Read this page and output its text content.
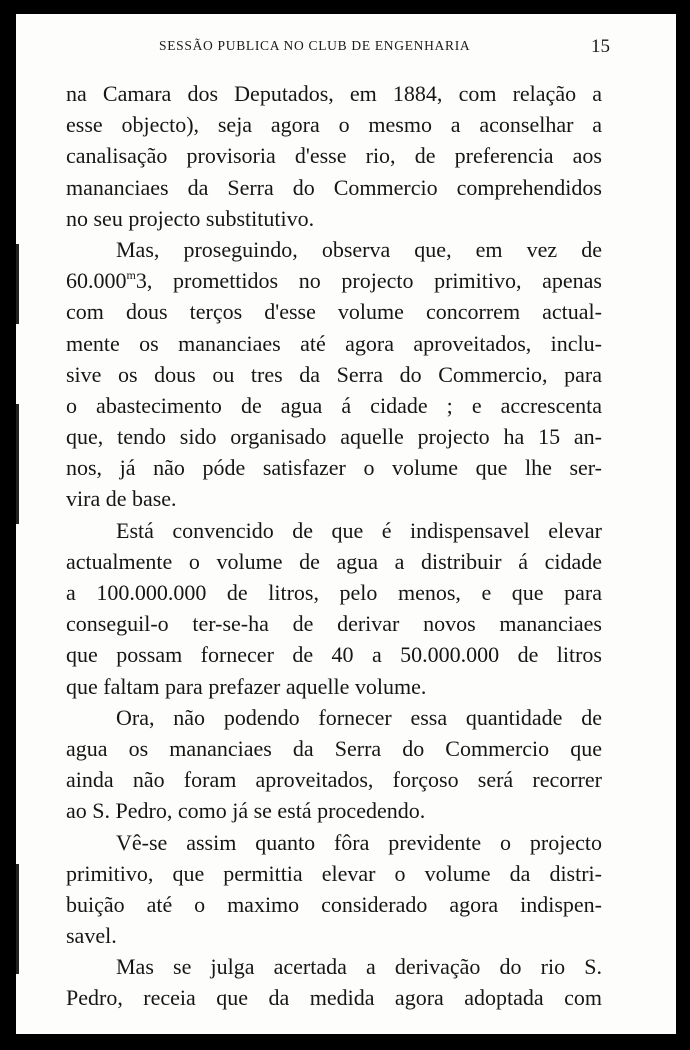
SESSÃO PUBLICA NO CLUB DE ENGENHARIA	15
na Camara dos Deputados, em 1884, com relação a
esse objecto), seja agora o mesmo a aconselhar a
canalisação provisoria d'esse rio, de preferencia aos
mananciaes da Serra do Commercio comprehendidos
no seu projecto substitutivo.
Mas, proseguindo, observa que, em vez de
60.000$^m$3, promettidos no projecto primitivo, apenas
com dous terços d'esse volume concorrem actual-
mente os mananciaes até agora aproveitados, inclu-
sive os dous ou tres da Serra do Commercio, para
o abastecimento de agua á cidade ; e accrescenta
que, tendo sido organisado aquelle projecto ha 15 an-
nos, já não póde satisfazer o volume que lhe ser-
vira de base.
Está convencido de que é indispensavel elevar
actualmente o volume de agua a distribuir á cidade
a 100.000.000 de litros, pelo menos, e que para
conseguil-o ter-se-ha de derivar novos mananciaes
que possam fornecer de 40 a 50.000.000 de litros
que faltam para prefazer aquelle volume.
Ora, não podendo fornecer essa quantidade de
agua os mananciaes da Serra do Commercio que
ainda não foram aproveitados, forçoso será recorrer
ao S. Pedro, como já se está procedendo.
Vê-se assim quanto fôra previdente o projecto
primitivo, que permittia elevar o volume da distri-
buição até o maximo considerado agora indispen-
savel.
Mas se julga acertada a derivação do rio S.
Pedro, receia que da medida agora adoptada com
